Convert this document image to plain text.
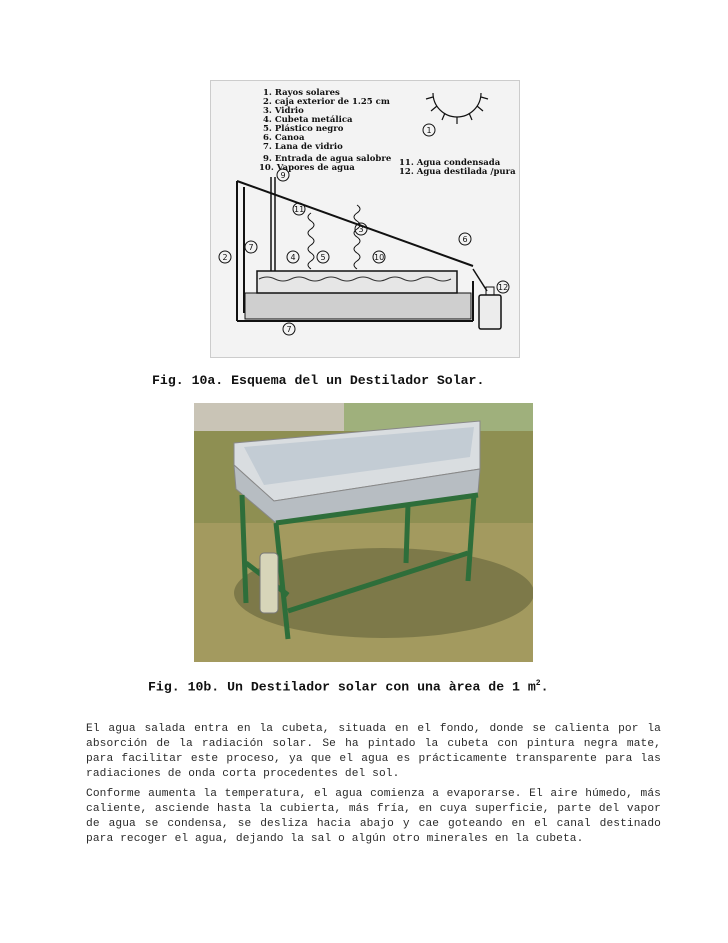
1. Rayos solares
2. caja exterior de 1.25 cm
3. Vidrio
4. Cubeta metálica
5. Plástico negro
6. Canoa
7. Lana de vidrio
9. Entrada de agua salobre
10. Vapores de agua	11. Agua condensada
12. Agua destilada /pura
1
2
3
4	5
6
7
7
9
10
11
12
Fig. 10a. Esquema del un Destilador Solar.
Fig. 10b. Un Destilador solar con una àrea de 1 $m^2$.

El agua salada entra en la cubeta, situada en el fondo, donde se calienta por la absorción de la radiación solar. Se ha pintado la cubeta con pintura negra mate, para facilitar este proceso, ya que el agua es prácticamente transparente para las radiaciones de onda corta procedentes del sol.

Conforme aumenta la temperatura, el agua comienza a evaporarse. El aire húmedo, más caliente, asciende hasta la cubierta, más fría, en cuya superficie, parte del vapor de agua se condensa, se desliza hacia abajo y cae goteando en el canal destinado para recoger el agua, dejando la sal o algún otro minerales en la cubeta.
